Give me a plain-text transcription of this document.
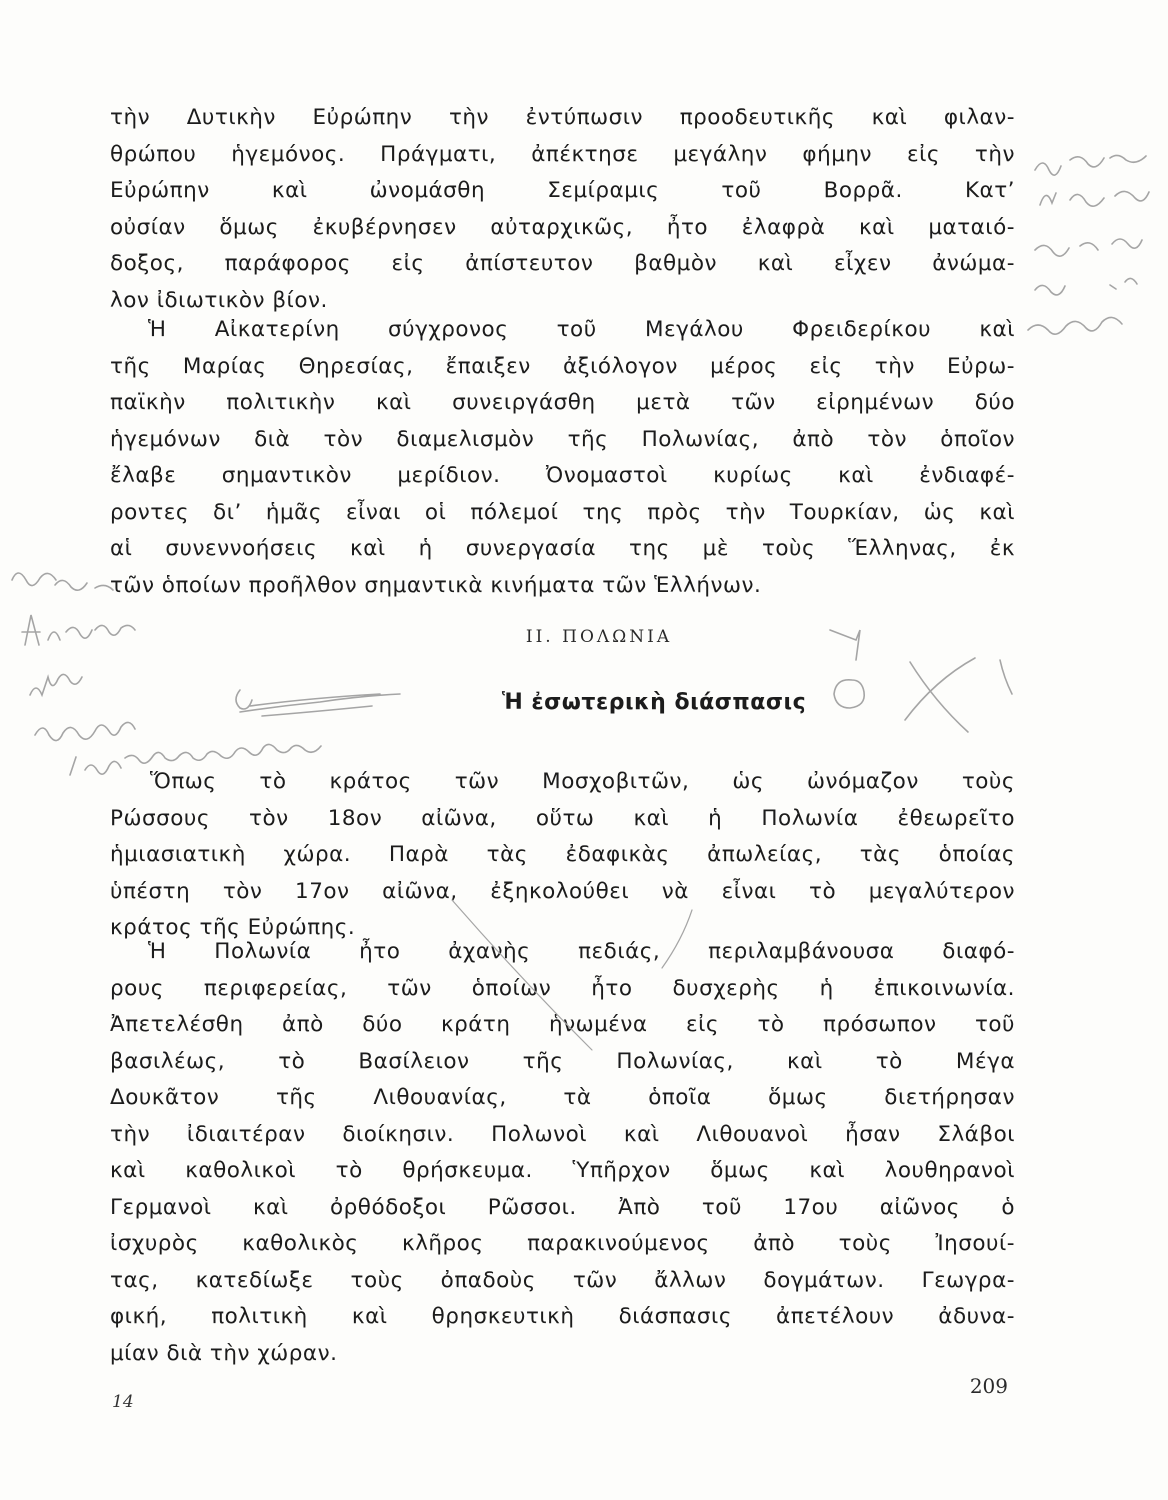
τὴν Δυτικὴν Εὐρώπην τὴν ἐντύπωσιν προοδευτικῆς καὶ φιλαν-
θρώπου ἡγεμόνος. Πράγματι, ἀπέκτησε μεγάλην φήμην εἰς τὴν
Εὐρώπην καὶ ὠνομάσθη Σεμίραμις τοῦ Βορρᾶ. Κατ’
οὐσίαν ὅμως ἐκυβέρνησεν αὐταρχικῶς, ἦτο ἐλαφρὰ καὶ ματαιό-
δοξος, παράφορος εἰς ἀπίστευτον βαθμὸν καὶ εἶχεν ἀνώμα-
λον ἰδιωτικὸν βίον.
Ἡ Αἰκατερίνη σύγχρονος τοῦ Μεγάλου Φρειδερίκου καὶ
τῆς Μαρίας Θηρεσίας, ἔπαιξεν ἀξιόλογον μέρος εἰς τὴν Εὐρω-
παϊκὴν πολιτικὴν καὶ συνειργάσθη μετὰ τῶν εἰρημένων δύο
ἡγεμόνων διὰ τὸν διαμελισμὸν τῆς Πολωνίας, ἀπὸ τὸν ὁποῖον
ἔλαβε σημαντικὸν μερίδιον. Ὀνομαστοὶ κυρίως καὶ ἐνδιαφέ-
ροντες δι’ ἡμᾶς εἶναι οἱ πόλεμοί της πρὸς τὴν Τουρκίαν, ὡς καὶ
αἱ συνεννοήσεις καὶ ἡ συνεργασία της μὲ τοὺς Ἕλληνας, ἐκ
τῶν ὁποίων προῆλθον σημαντικὰ κινήματα τῶν Ἑλλήνων.
II. ΠΟΛΩΝΙΑ
Ἡ ἐσωτερικὴ διάσπασις
Ὅπως τὸ κράτος τῶν Μοσχοβιτῶν, ὡς ὠνόμαζον τοὺς
Ρώσσους τὸν 18ον αἰῶνα, οὕτω καὶ ἡ Πολωνία ἐθεωρεῖτο
ἡμιασιατικὴ χώρα. Παρὰ τὰς ἐδαφικὰς ἀπωλείας, τὰς ὁποίας
ὑπέστη τὸν 17ον αἰῶνα, ἐξηκολούθει νὰ εἶναι τὸ μεγαλύτερον
κράτος τῆς Εὐρώπης.
Ἡ Πολωνία ἦτο ἀχανὴς πεδιάς, περιλαμβάνουσα διαφό-
ρους περιφερείας, τῶν ὁποίων ἦτο δυσχερὴς ἡ ἐπικοινωνία.
Ἀπετελέσθη ἀπὸ δύο κράτη ἡνωμένα εἰς τὸ πρόσωπον τοῦ
βασιλέως, τὸ Βασίλειον τῆς Πολωνίας, καὶ τὸ Μέγα
Δουκᾶτον τῆς Λιθουανίας, τὰ ὁποῖα ὅμως διετήρησαν
τὴν ἰδιαιτέραν διοίκησιν. Πολωνοὶ καὶ Λιθουανοὶ ἦσαν Σλάβοι
καὶ καθολικοὶ τὸ θρήσκευμα. Ὑπῆρχον ὅμως καὶ λουθηρανοὶ
Γερμανοὶ καὶ ὀρθόδοξοι Ρῶσσοι. Ἀπὸ τοῦ 17ου αἰῶνος ὁ
ἰσχυρὸς καθολικὸς κλῆρος παρακινούμενος ἀπὸ τοὺς Ἰησουί-
τας, κατεδίωξε τοὺς ὀπαδοὺς τῶν ἄλλων δογμάτων. Γεωγρα-
φική, πολιτικὴ καὶ θρησκευτικὴ διάσπασις ἀπετέλουν ἀδυνα-
μίαν διὰ τὴν χώραν.
14
209
